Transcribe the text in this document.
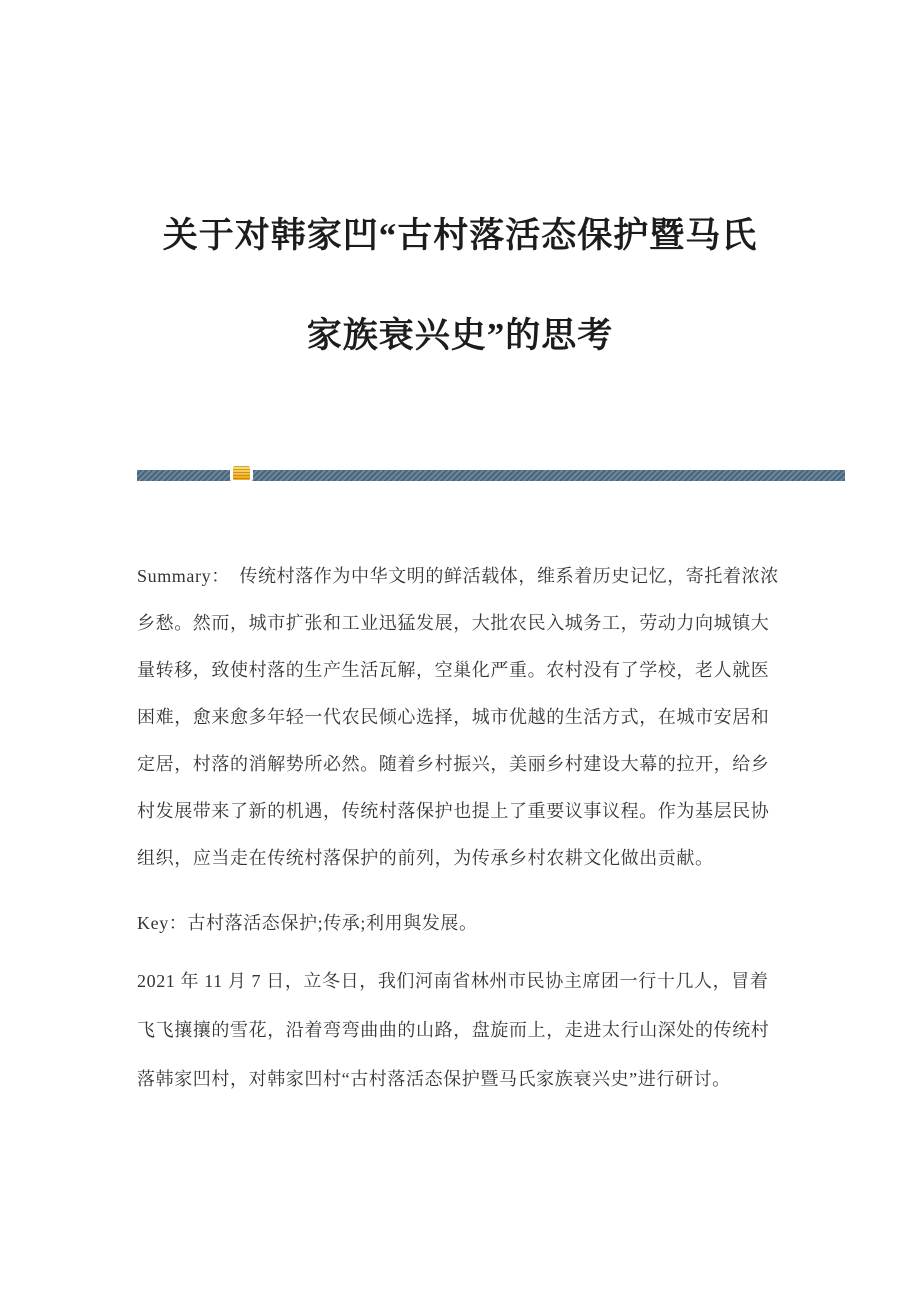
关于对韩家凹“古村落活态保护暨马氏
家族衰兴史”的思考
Summary：　传统村落作为中华文明的鲜活载体，维系着历史记忆，寄托着浓浓
乡愁。然而，城市扩张和工业迅猛发展，大批农民入城务工，劳动力向城镇大
量转移，致使村落的生产生活瓦解，空巢化严重。农村没有了学校，老人就医
困难，愈来愈多年轻一代农民倾心选择，城市优越的生活方式，在城市安居和
定居，村落的消解势所必然。随着乡村振兴，美丽乡村建设大幕的拉开，给乡
村发展带来了新的机遇，传统村落保护也提上了重要议事议程。作为基层民协
组织，应当走在传统村落保护的前列，为传承乡村农耕文化做出贡献。
Key：古村落活态保护;传承;利用與发展。
2021 年 11 月 7 日，立冬日，我们河南省林州市民协主席团一行十几人，冒着
飞飞攘攘的雪花，沿着弯弯曲曲的山路，盘旋而上，走进太行山深处的传统村
落韩家凹村，对韩家凹村“古村落活态保护暨马氏家族衰兴史”进行研讨。
